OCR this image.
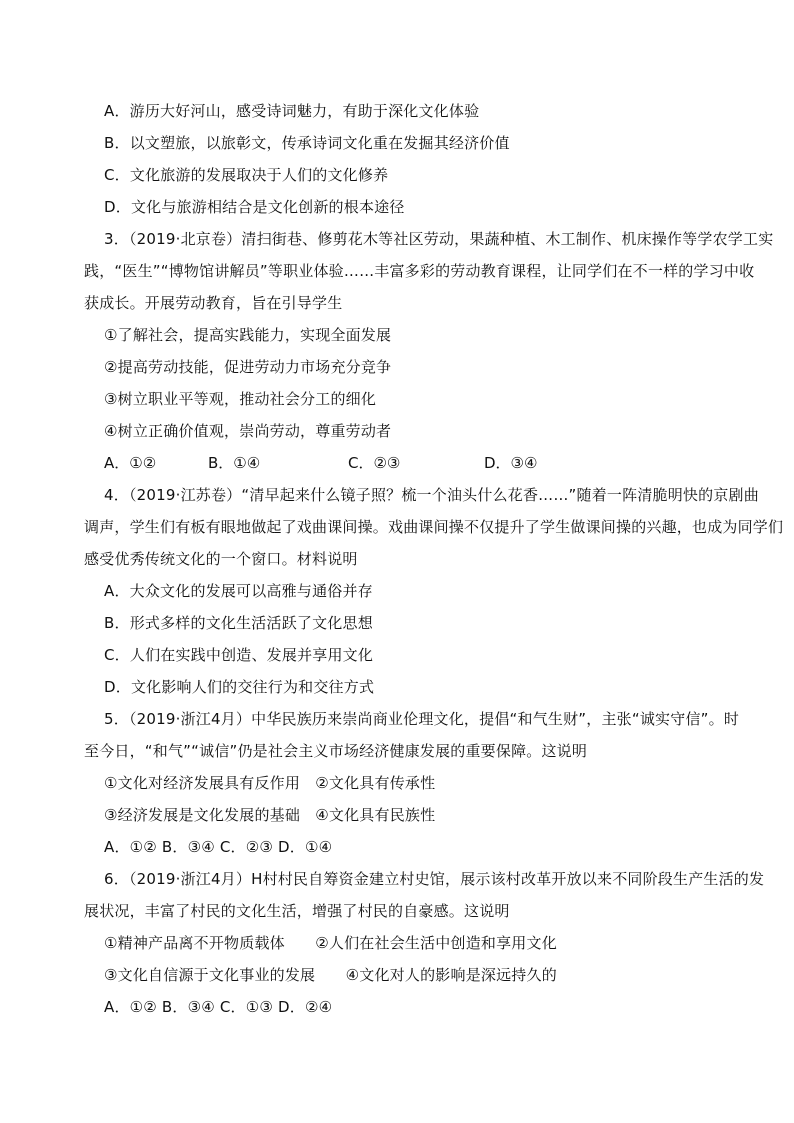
A．游历大好河山，感受诗词魅力，有助于深化文化体验
B．以文塑旅，以旅彰文，传承诗词文化重在发掘其经济价值
C．文化旅游的发展取决于人们的文化修养
D．文化与旅游相结合是文化创新的根本途径
3．（2019·北京卷）清扫街巷、修剪花木等社区劳动，果蔬种植、木工制作、机床操作等学农学工实
践，“医生”“博物馆讲解员”等职业体验……丰富多彩的劳动教育课程，让同学们在不一样的学习中收
获成长。开展劳动教育，旨在引导学生
①了解社会，提高实践能力，实现全面发展
②提高劳动技能，促进劳动力市场充分竞争
③树立职业平等观，推动社会分工的细化
④树立正确价值观，崇尚劳动，尊重劳动者
A．①②	B．①④	C．②③	D．③④
4．（2019·江苏卷）“清早起来什么镜子照？梳一个油头什么花香……”随着一阵清脆明快的京剧曲
调声，学生们有板有眼地做起了戏曲课间操。戏曲课间操不仅提升了学生做课间操的兴趣，也成为同学们
感受优秀传统文化的一个窗口。材料说明
A．大众文化的发展可以高雅与通俗并存
B．形式多样的文化生活活跃了文化思想
C．人们在实践中创造、发展并享用文化
D．文化影响人们的交往行为和交往方式
5．（2019·浙江4月）中华民族历来崇尚商业伦理文化，提倡“和气生财”，主张“诚实守信”。时
至今日，“和气”“诚信”仍是社会主义市场经济健康发展的重要保障。这说明
①文化对经济发展具有反作用　②文化具有传承性
③经济发展是文化发展的基础　④文化具有民族性
A．①② B．③④ C．②③ D．①④
6．（2019·浙江4月）H村村民自筹资金建立村史馆，展示该村改革开放以来不同阶段生产生活的发
展状况，丰富了村民的文化生活，增强了村民的自豪感。这说明
①精神产品离不开物质载体　　②人们在社会生活中创造和享用文化
③文化自信源于文化事业的发展　　④文化对人的影响是深远持久的
A．①② B．③④ C．①③ D．②④
